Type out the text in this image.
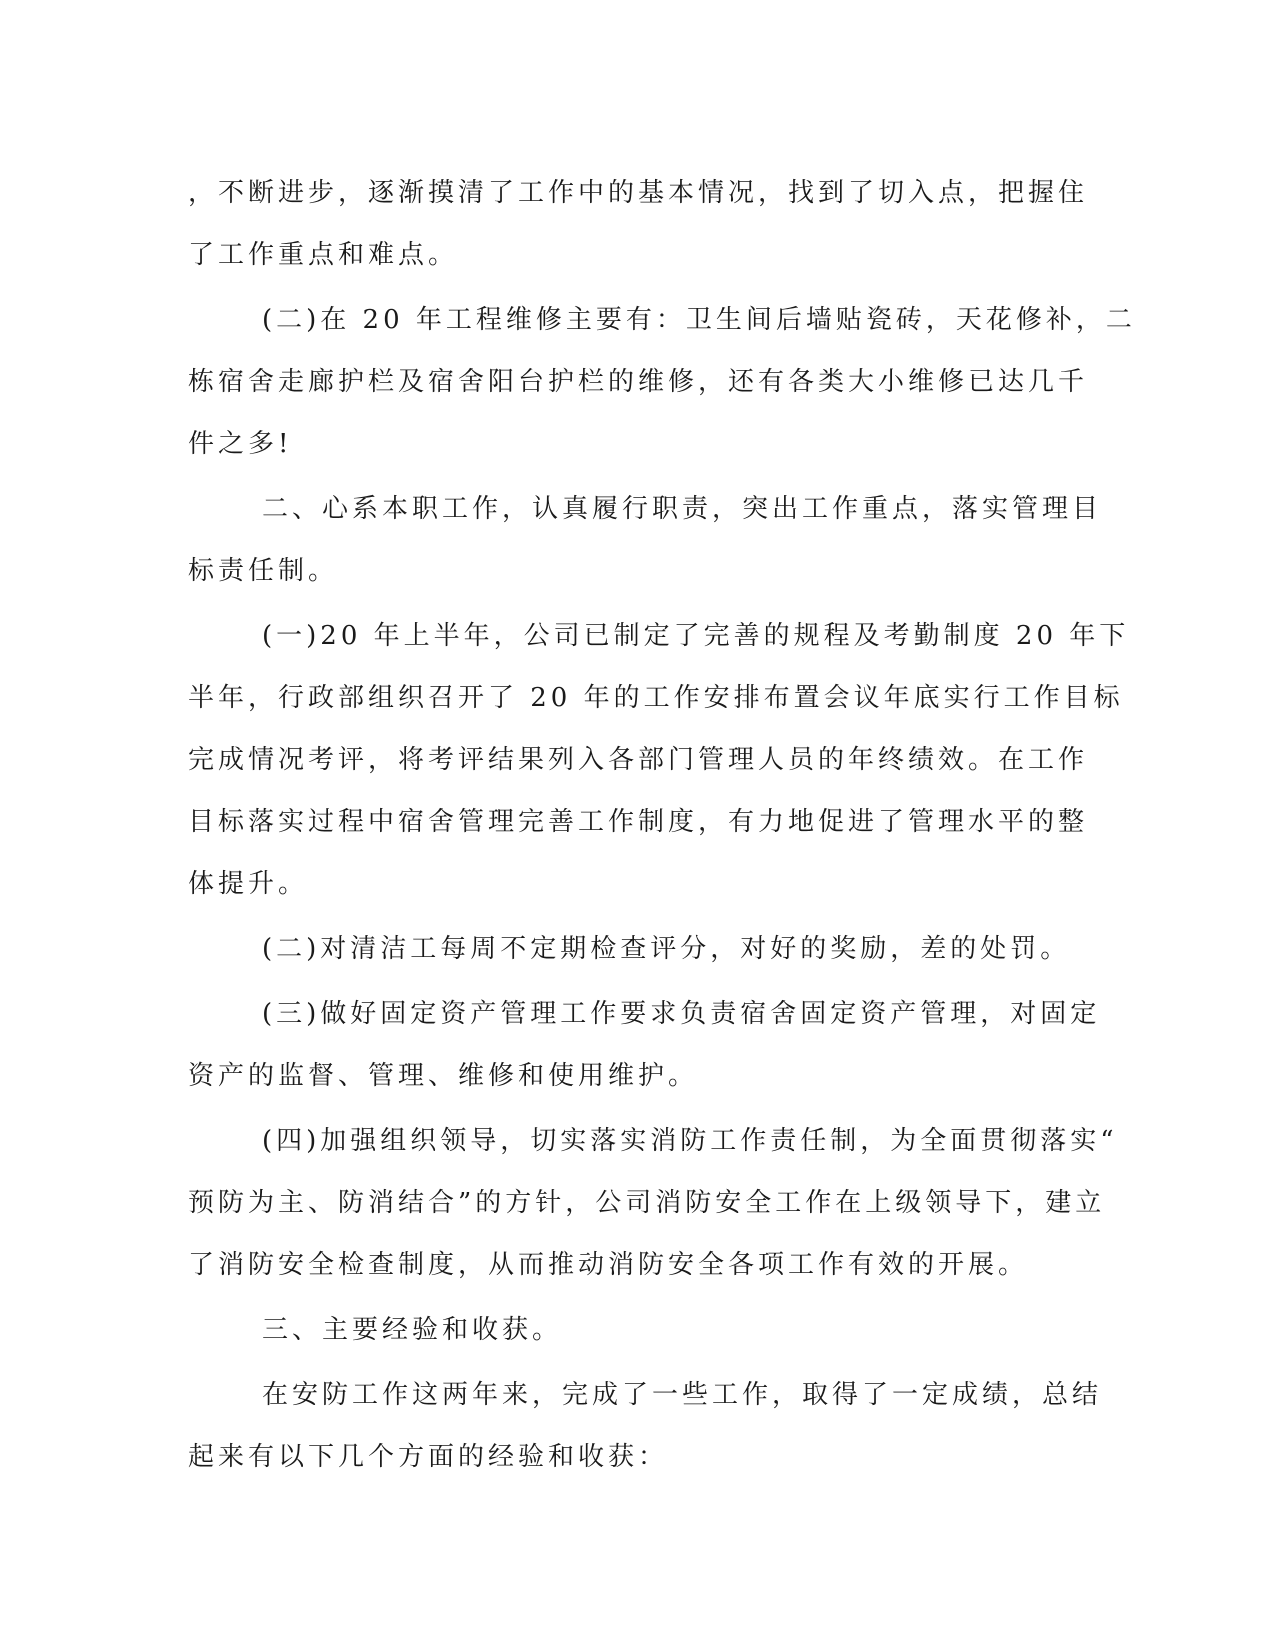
，不断进步，逐渐摸清了工作中的基本情况，找到了切入点，把握住
了工作重点和难点。

(二)在 20 年工程维修主要有：卫生间后墙贴瓷砖，天花修补，二
栋宿舍走廊护栏及宿舍阳台护栏的维修，还有各类大小维修已达几千
件之多!

二、心系本职工作，认真履行职责，突出工作重点，落实管理目
标责任制。

(一)20 年上半年，公司已制定了完善的规程及考勤制度 20 年下
半年，行政部组织召开了 20 年的工作安排布置会议年底实行工作目标
完成情况考评，将考评结果列入各部门管理人员的年终绩效。在工作
目标落实过程中宿舍管理完善工作制度，有力地促进了管理水平的整
体提升。

(二)对清洁工每周不定期检查评分，对好的奖励，差的处罚。

(三)做好固定资产管理工作要求负责宿舍固定资产管理，对固定
资产的监督、管理、维修和使用维护。

(四)加强组织领导，切实落实消防工作责任制，为全面贯彻落实“
预防为主、防消结合”的方针，公司消防安全工作在上级领导下，建立
了消防安全检查制度，从而推动消防安全各项工作有效的开展。

三、主要经验和收获。

在安防工作这两年来，完成了一些工作，取得了一定成绩，总结
起来有以下几个方面的经验和收获：
